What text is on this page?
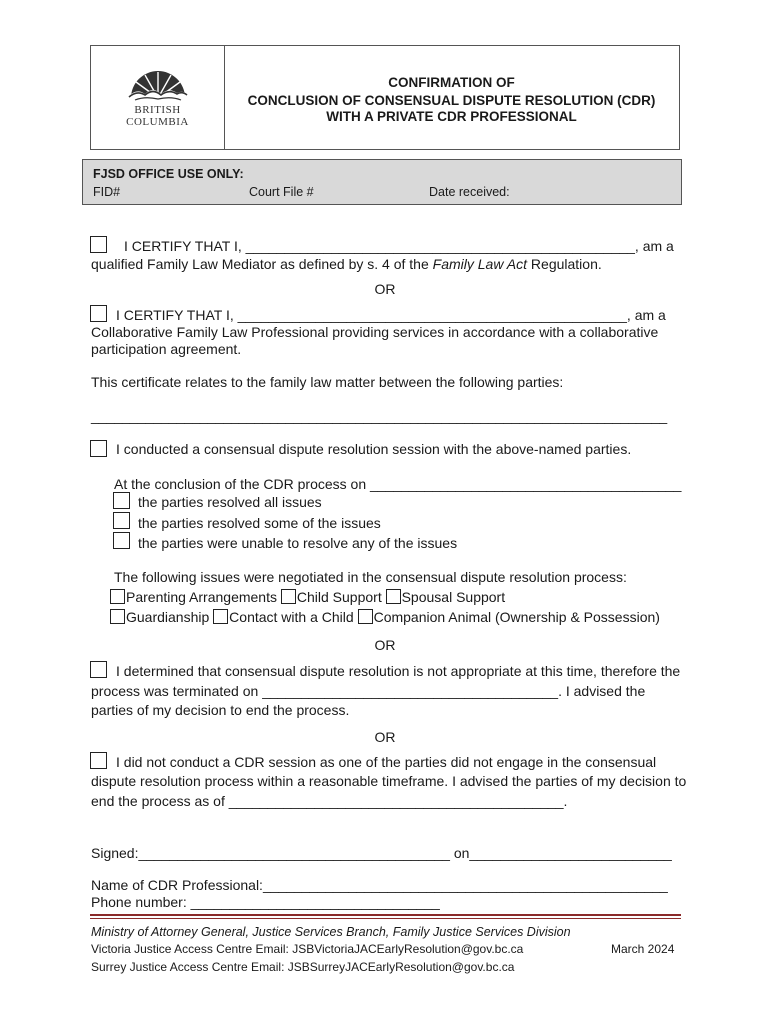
BRITISH
COLUMBIA
CONFIRMATION OF
CONCLUSION OF CONSENSUAL DISPUTE RESOLUTION (CDR)
WITH A PRIVATE CDR PROFESSIONAL
FJSD OFFICE USE ONLY:
FID#	Court File #	Date received:
I CERTIFY THAT I, __________________________________________________, am a
qualified Family Law Mediator as defined by s. 4 of the Family Law Act Regulation.
OR
I CERTIFY THAT I, __________________________________________________, am a
Collaborative Family Law Professional providing services in accordance with a collaborative
participation agreement.
This certificate relates to the family law matter between the following parties:
__________________________________________________________________________
I conducted a consensual dispute resolution session with the above-named parties.
At the conclusion of the CDR process on ________________________________________
the parties resolved all issues
the parties resolved some of the issues
the parties were unable to resolve any of the issues
The following issues were negotiated in the consensual dispute resolution process:
Parenting Arrangements Child Support Spousal Support
Guardianship Contact with a Child Companion Animal (Ownership & Possession)
OR
I determined that consensual dispute resolution is not appropriate at this time, therefore the
process was terminated on ______________________________________. I advised the
parties of my decision to end the process.
OR
I did not conduct a CDR session as one of the parties did not engage in the consensual
dispute resolution process within a reasonable timeframe. I advised the parties of my decision to
end the process as of ___________________________________________.
Signed:________________________________________ on__________________________
Name of CDR Professional:____________________________________________________
Phone number: ________________________________
Ministry of Attorney General, Justice Services Branch, Family Justice Services Division
Victoria Justice Access Centre Email: JSBVictoriaJACEarlyResolution@gov.bc.ca	March 2024
Surrey Justice Access Centre Email: JSBSurreyJACEarlyResolution@gov.bc.ca
